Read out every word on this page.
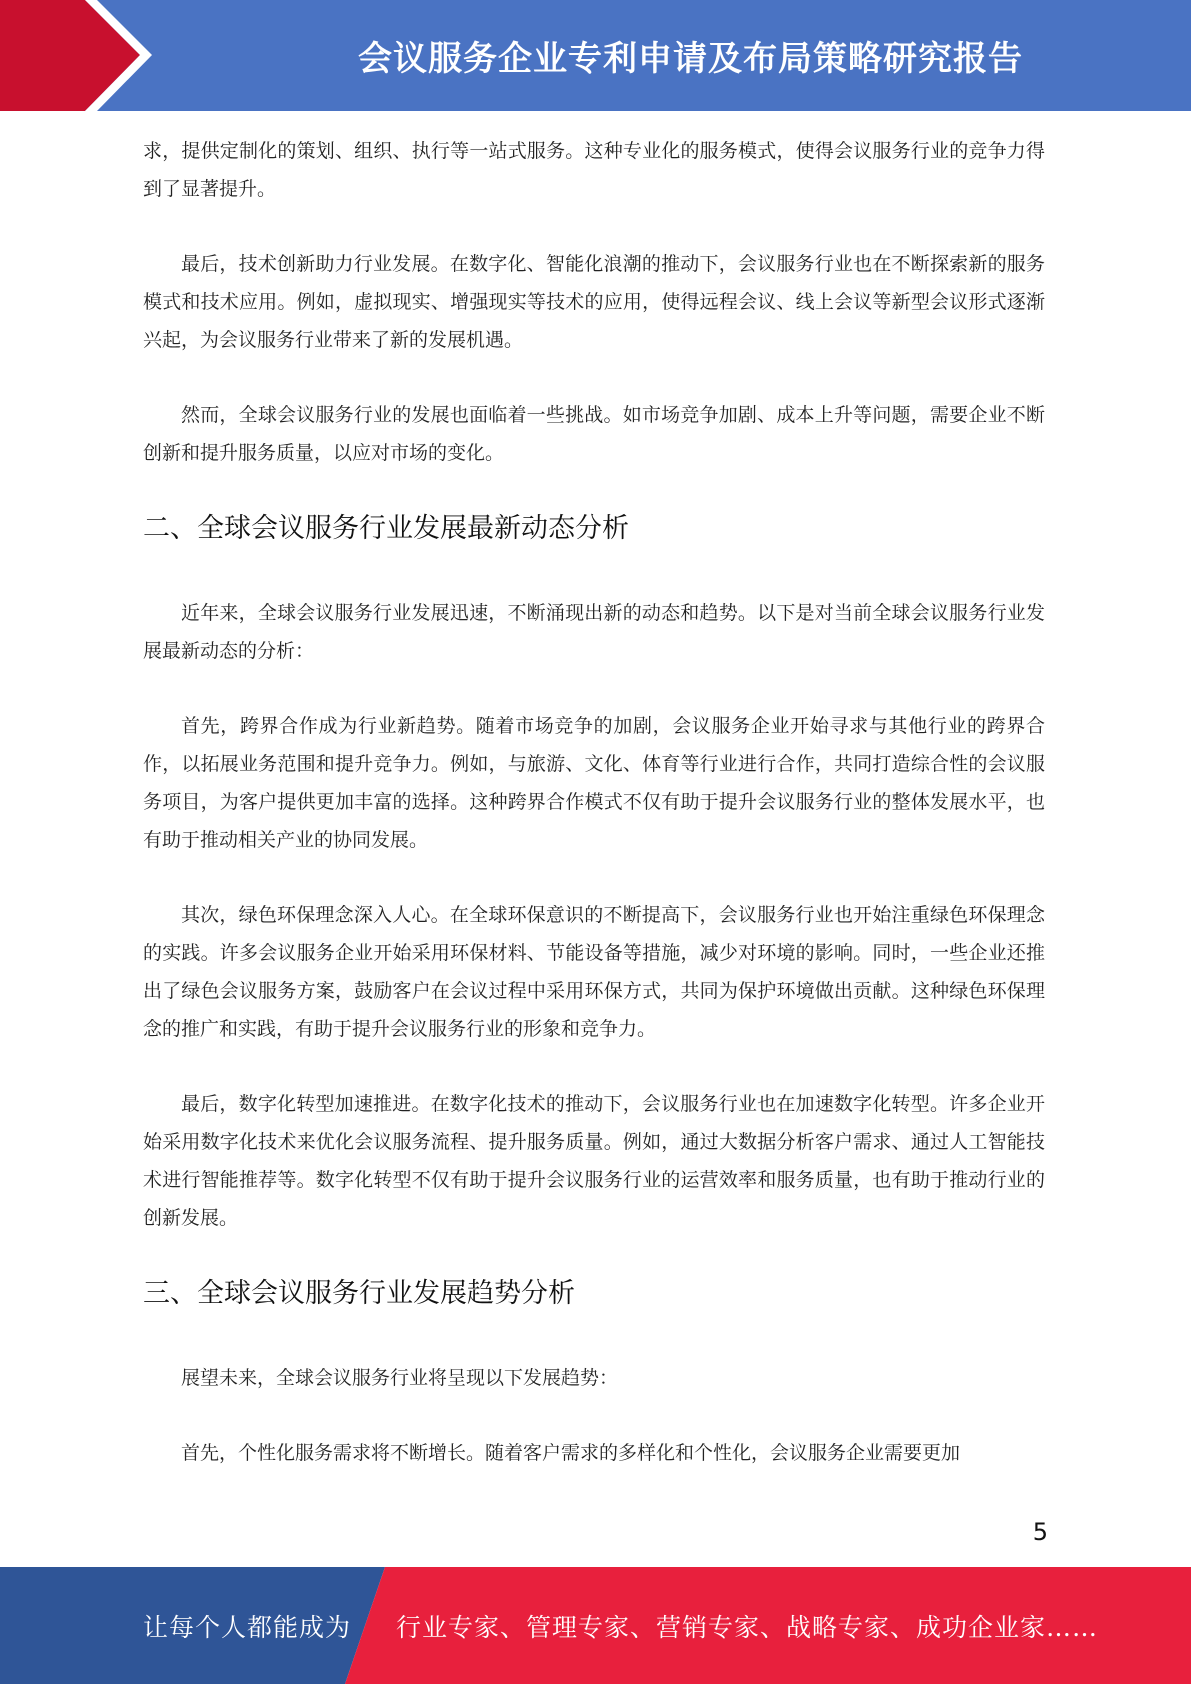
会议服务企业专利申请及布局策略研究报告

求，提供定制化的策划、组织、执行等一站式服务。这种专业化的服务模式，使得会议服务行业的竞争力得到了显著提升。

最后，技术创新助力行业发展。在数字化、智能化浪潮的推动下，会议服务行业也在不断探索新的服务模式和技术应用。例如，虚拟现实、增强现实等技术的应用，使得远程会议、线上会议等新型会议形式逐渐兴起，为会议服务行业带来了新的发展机遇。

然而，全球会议服务行业的发展也面临着一些挑战。如市场竞争加剧、成本上升等问题，需要企业不断创新和提升服务质量，以应对市场的变化。

二、全球会议服务行业发展最新动态分析

近年来，全球会议服务行业发展迅速，不断涌现出新的动态和趋势。以下是对当前全球会议服务行业发展最新动态的分析：

首先，跨界合作成为行业新趋势。随着市场竞争的加剧，会议服务企业开始寻求与其他行业的跨界合作，以拓展业务范围和提升竞争力。例如，与旅游、文化、体育等行业进行合作，共同打造综合性的会议服务项目，为客户提供更加丰富的选择。这种跨界合作模式不仅有助于提升会议服务行业的整体发展水平，也有助于推动相关产业的协同发展。

其次，绿色环保理念深入人心。在全球环保意识的不断提高下，会议服务行业也开始注重绿色环保理念的实践。许多会议服务企业开始采用环保材料、节能设备等措施，减少对环境的影响。同时，一些企业还推出了绿色会议服务方案，鼓励客户在会议过程中采用环保方式，共同为保护环境做出贡献。这种绿色环保理念的推广和实践，有助于提升会议服务行业的形象和竞争力。

最后，数字化转型加速推进。在数字化技术的推动下，会议服务行业也在加速数字化转型。许多企业开始采用数字化技术来优化会议服务流程、提升服务质量。例如，通过大数据分析客户需求、通过人工智能技术进行智能推荐等。数字化转型不仅有助于提升会议服务行业的运营效率和服务质量，也有助于推动行业的创新发展。

三、全球会议服务行业发展趋势分析

展望未来，全球会议服务行业将呈现以下发展趋势：

首先，个性化服务需求将不断增长。随着客户需求的多样化和个性化，会议服务企业需要更加

5
让每个人都能成为 行业专家、管理专家、营销专家、战略专家、成功企业家……
